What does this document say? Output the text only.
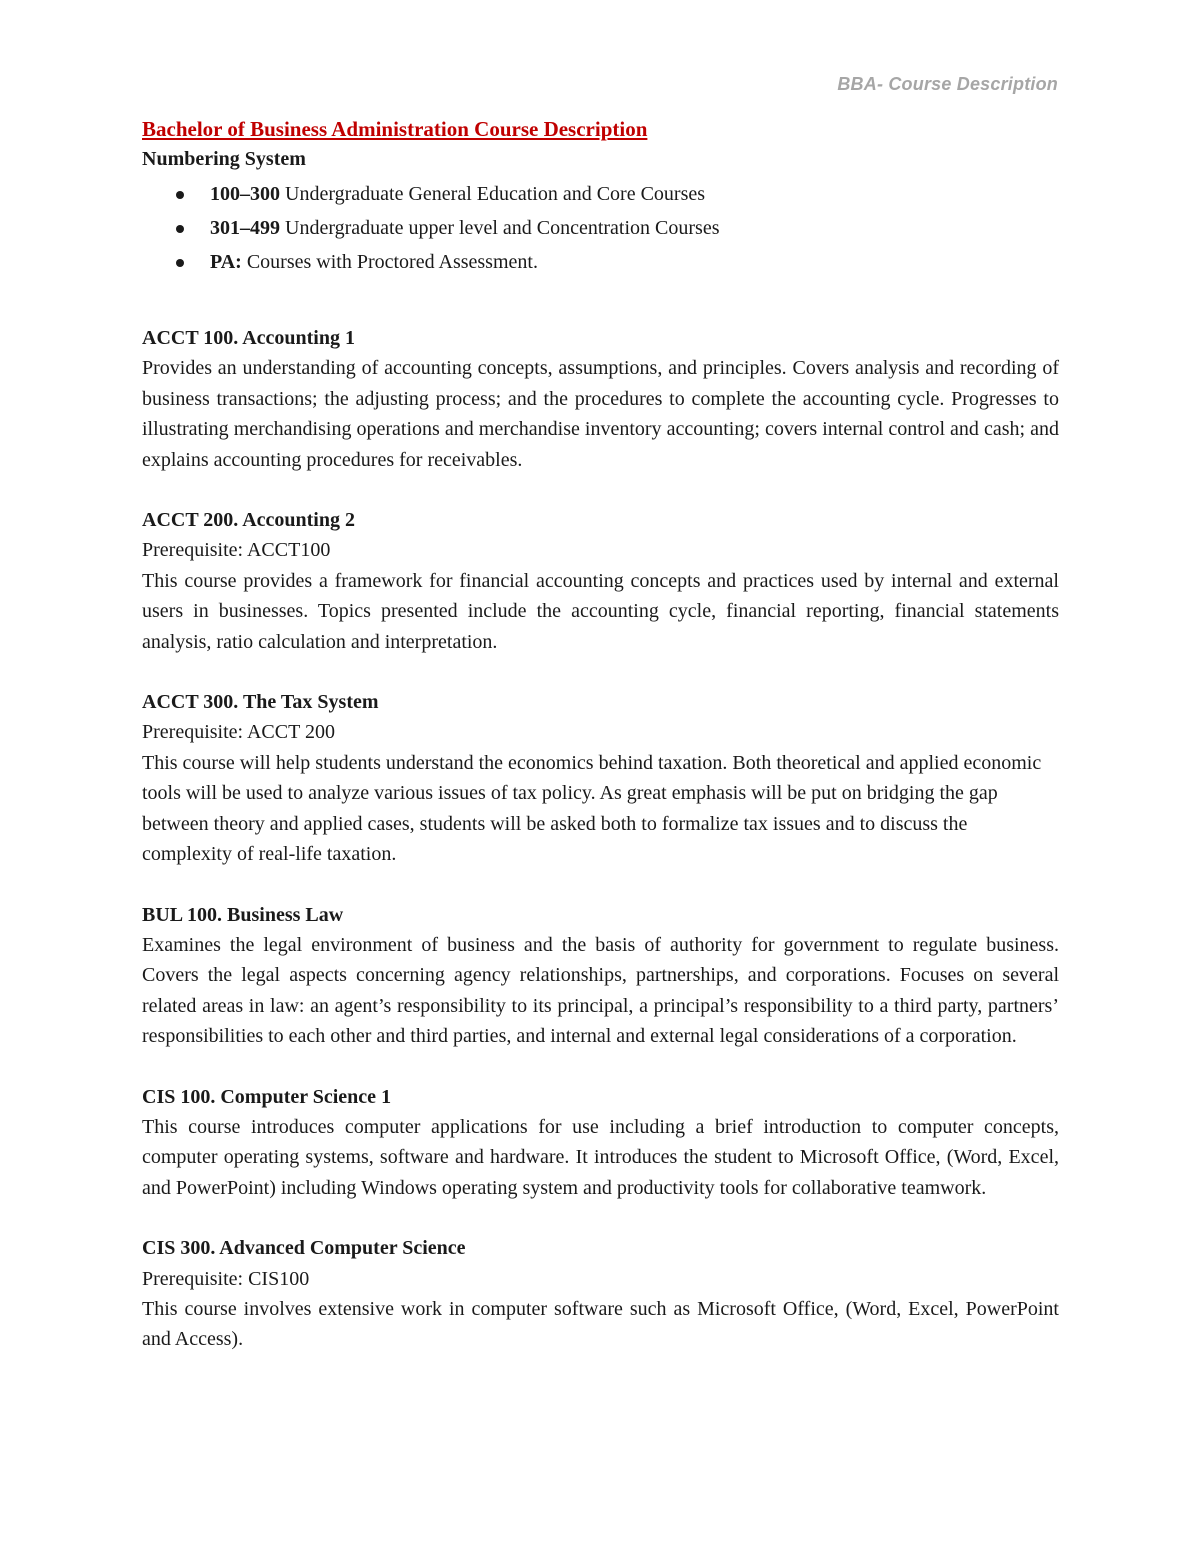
BBA- Course Description

Bachelor of Business Administration Course Description

Numbering System

100–300 Undergraduate General Education and Core Courses
301–499 Undergraduate upper level and Concentration Courses
PA: Courses with Proctored Assessment.

ACCT 100. Accounting 1

Provides an understanding of accounting concepts, assumptions, and principles. Covers analysis and recording of business transactions; the adjusting process; and the procedures to complete the accounting cycle. Progresses to illustrating merchandising operations and merchandise inventory accounting; covers internal control and cash; and explains accounting procedures for receivables.

ACCT 200. Accounting 2

Prerequisite: ACCT100

This course provides a framework for financial accounting concepts and practices used by internal and external users in businesses. Topics presented include the accounting cycle, financial reporting, financial statements analysis, ratio calculation and interpretation.

ACCT 300. The Tax System

Prerequisite: ACCT 200

This course will help students understand the economics behind taxation. Both theoretical and applied economic tools will be used to analyze various issues of tax policy. As great emphasis will be put on bridging the gap between theory and applied cases, students will be asked both to formalize tax issues and to discuss the complexity of real-life taxation.

BUL 100. Business Law

Examines the legal environment of business and the basis of authority for government to regulate business. Covers the legal aspects concerning agency relationships, partnerships, and corporations. Focuses on several related areas in law: an agent’s responsibility to its principal, a principal’s responsibility to a third party, partners’ responsibilities to each other and third parties, and internal and external legal considerations of a corporation.

CIS 100. Computer Science 1

This course introduces computer applications for use including a brief introduction to computer concepts, computer operating systems, software and hardware. It introduces the student to Microsoft Office, (Word, Excel, and PowerPoint) including Windows operating system and productivity tools for collaborative teamwork.

CIS 300. Advanced Computer Science

Prerequisite: CIS100

This course involves extensive work in computer software such as Microsoft Office, (Word, Excel, PowerPoint and Access).
